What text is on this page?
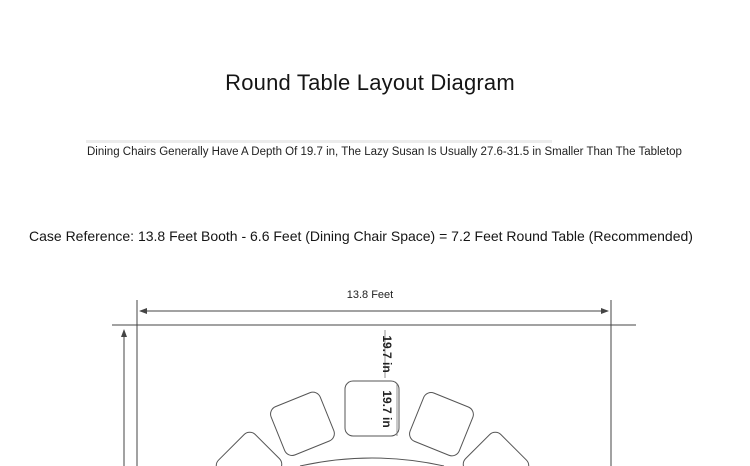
Round Table Layout Diagram
Dining Chairs Generally Have A Depth Of 19.7 in, The Lazy Susan Is Usually 27.6-31.5 in Smaller Than The Tabletop
Case Reference: 13.8 Feet Booth - 6.6 Feet (Dining Chair Space) = 7.2 Feet Round Table (Recommended)
13.8 Feet
19.7 in
19.7 in
